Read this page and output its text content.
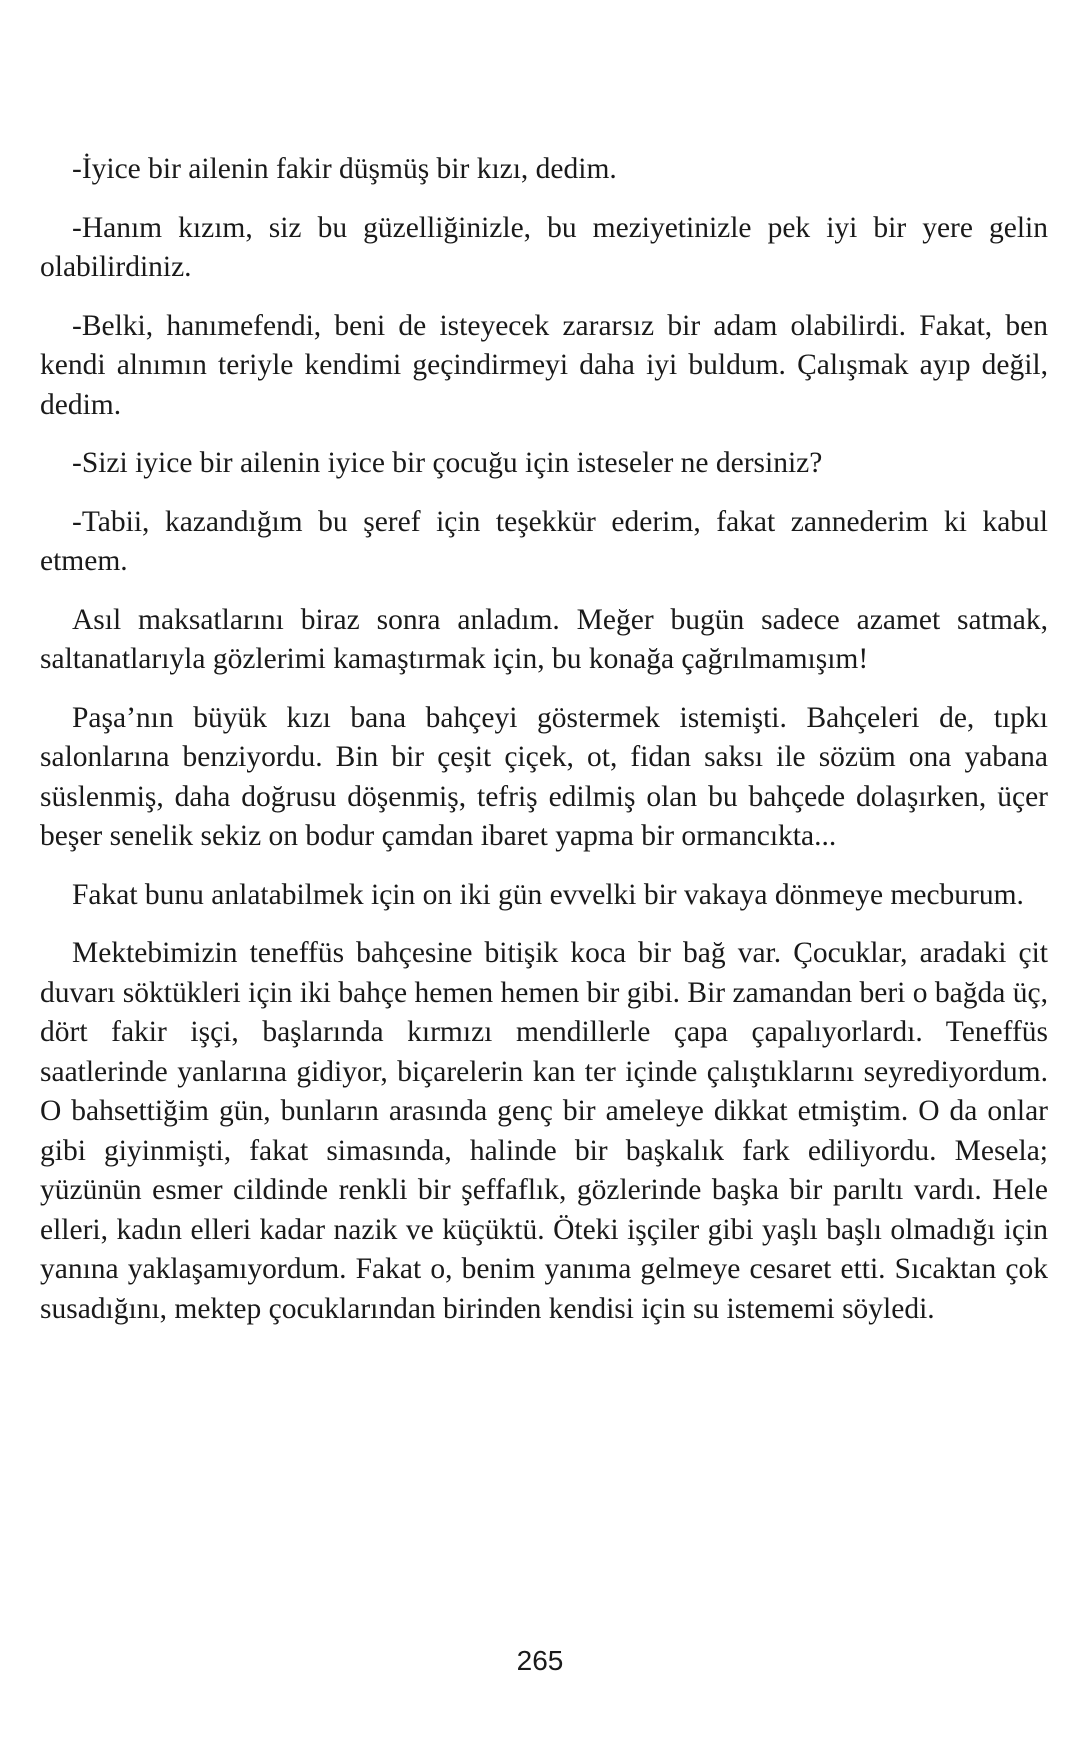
-İyice bir ailenin fakir düşmüş bir kızı, dedim.

-Hanım kızım, siz bu güzelliğinizle, bu meziyetinizle pek iyi bir yere gelin olabilirdiniz.

-Belki, hanımefendi, beni de isteyecek zararsız bir adam olabilirdi. Fakat, ben kendi alnımın teriyle kendimi geçindirmeyi daha iyi buldum. Çalışmak ayıp değil, dedim.

-Sizi iyice bir ailenin iyice bir çocuğu için isteseler ne dersiniz?

-Tabii, kazandığım bu şeref için teşekkür ederim, fakat zannederim ki kabul etmem.

Asıl maksatlarını biraz sonra anladım. Meğer bugün sadece azamet satmak, saltanatlarıyla gözlerimi kamaştırmak için, bu konağa çağrılmamışım!

Paşa’nın büyük kızı bana bahçeyi göstermek istemişti. Bahçeleri de, tıpkı salonlarına benziyordu. Bin bir çeşit çiçek, ot, fidan saksı ile sözüm ona yabana süslenmiş, daha doğrusu döşenmiş, tefriş edilmiş olan bu bahçede dolaşırken, üçer beşer senelik sekiz on bodur çamdan ibaret yapma bir ormancıkta...

Fakat bunu anlatabilmek için on iki gün evvelki bir vakaya dönmeye mecburum.

Mektebimizin teneffüs bahçesine bitişik koca bir bağ var. Çocuklar, aradaki çit duvarı söktükleri için iki bahçe hemen hemen bir gibi. Bir zamandan beri o bağda üç, dört fakir işçi, başlarında kırmızı mendillerle çapa çapalıyorlardı. Teneffüs saatlerinde yanlarına gidiyor, biçarelerin kan ter içinde çalıştıklarını seyrediyordum. O bahsettiğim gün, bunların arasında genç bir ameleye dikkat etmiştim. O da onlar gibi giyinmişti, fakat simasında, halinde bir başkalık fark ediliyordu. Mesela; yüzünün esmer cildinde renkli bir şeffaflık, gözlerinde başka bir parıltı vardı. Hele elleri, kadın elleri kadar nazik ve küçüktü. Öteki işçiler gibi yaşlı başlı olmadığı için yanına yaklaşamıyordum. Fakat o, benim yanıma gelmeye cesaret etti. Sıcaktan çok susadığını, mektep çocuklarından birinden kendisi için su istememi söyledi.

265
